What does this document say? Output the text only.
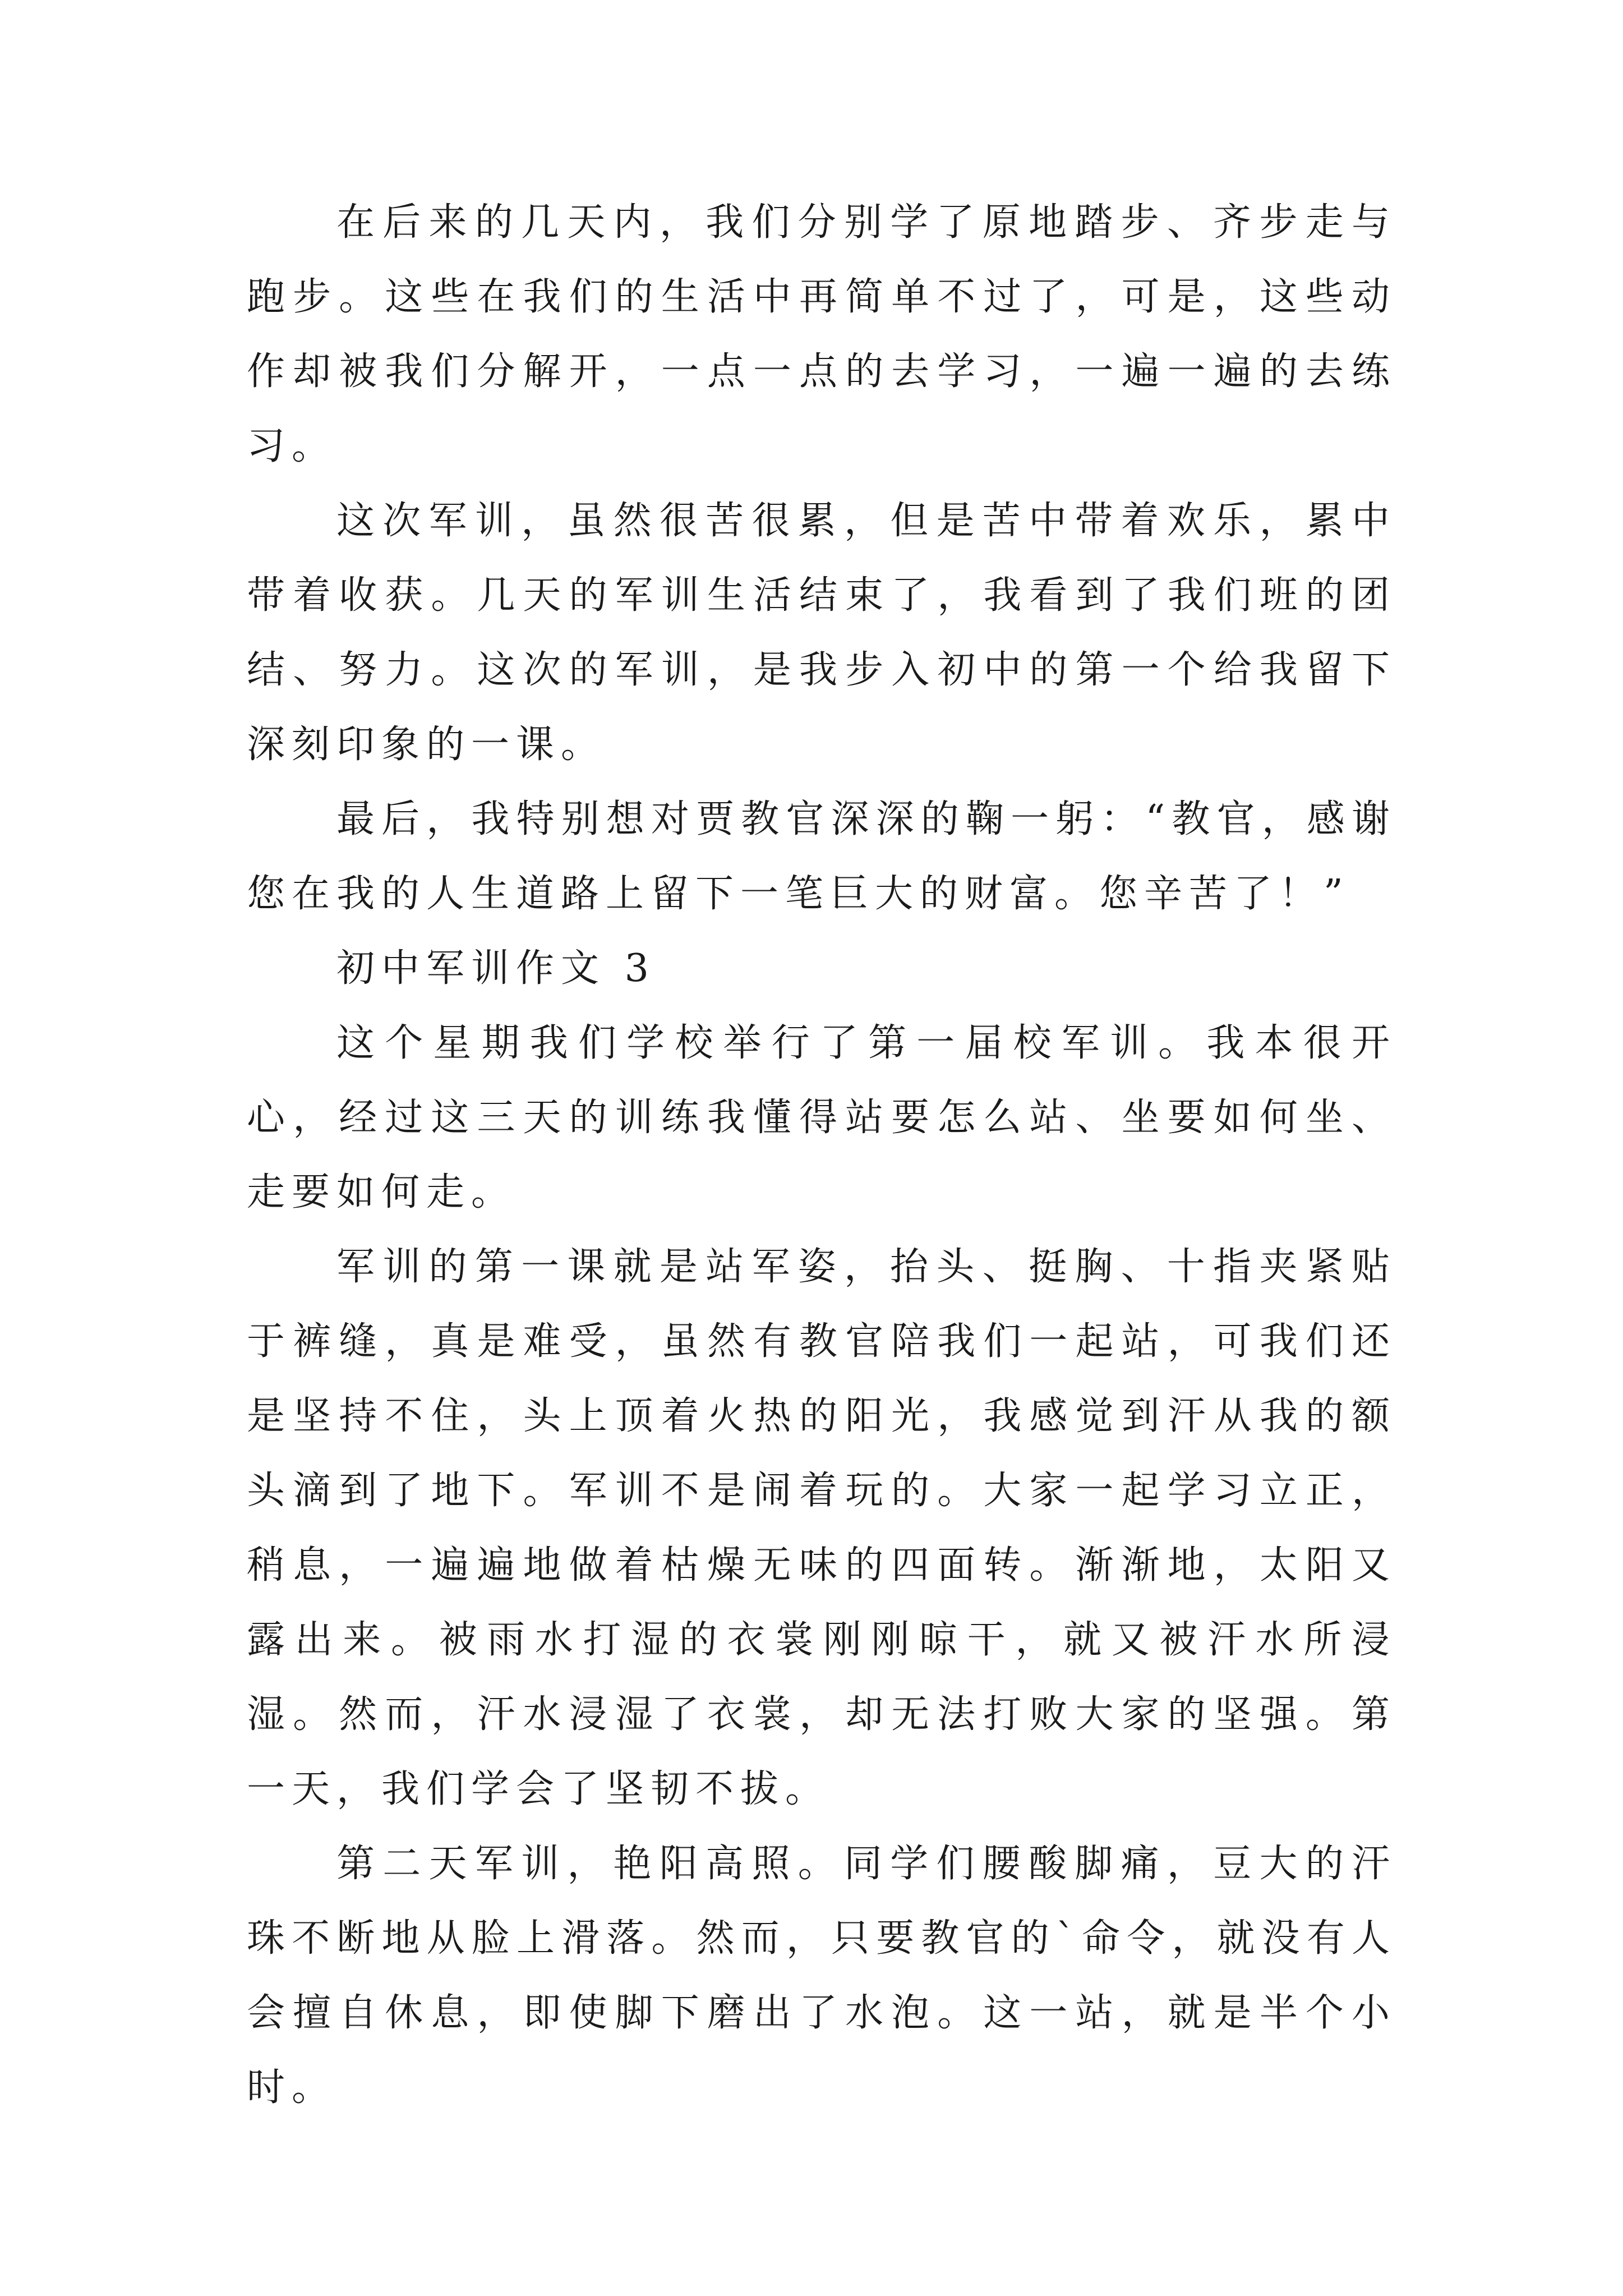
在后来的几天内，我们分别学了原地踏步、齐步走与跑步。这些在我们的生活中再简单不过了，可是，这些动作却被我们分解开，一点一点的去学习，一遍一遍的去练习。

这次军训，虽然很苦很累，但是苦中带着欢乐，累中带着收获。几天的军训生活结束了，我看到了我们班的团结、努力。这次的军训，是我步入初中的第一个给我留下深刻印象的一课。

最后，我特别想对贾教官深深的鞠一躬：“教官，感谢您在我的人生道路上留下一笔巨大的财富。您辛苦了！”

初中军训作文 3

这个星期我们学校举行了第一届校军训。我本很开心，经过这三天的训练我懂得站要怎么站、坐要如何坐、走要如何走。

军训的第一课就是站军姿，抬头、挺胸、十指夹紧贴于裤缝，真是难受，虽然有教官陪我们一起站，可我们还是坚持不住，头上顶着火热的阳光，我感觉到汗从我的额头滴到了地下。军训不是闹着玩的。大家一起学习立正，稍息，一遍遍地做着枯燥无味的四面转。渐渐地，太阳又露出来。被雨水打湿的衣裳刚刚晾干，就又被汗水所浸湿。然而，汗水浸湿了衣裳，却无法打败大家的坚强。第一天，我们学会了坚韧不拔。

第二天军训，艳阳高照。同学们腰酸脚痛，豆大的汗珠不断地从脸上滑落。然而，只要教官的`命令，就没有人会擅自休息，即使脚下磨出了水泡。这一站，就是半个小时。
